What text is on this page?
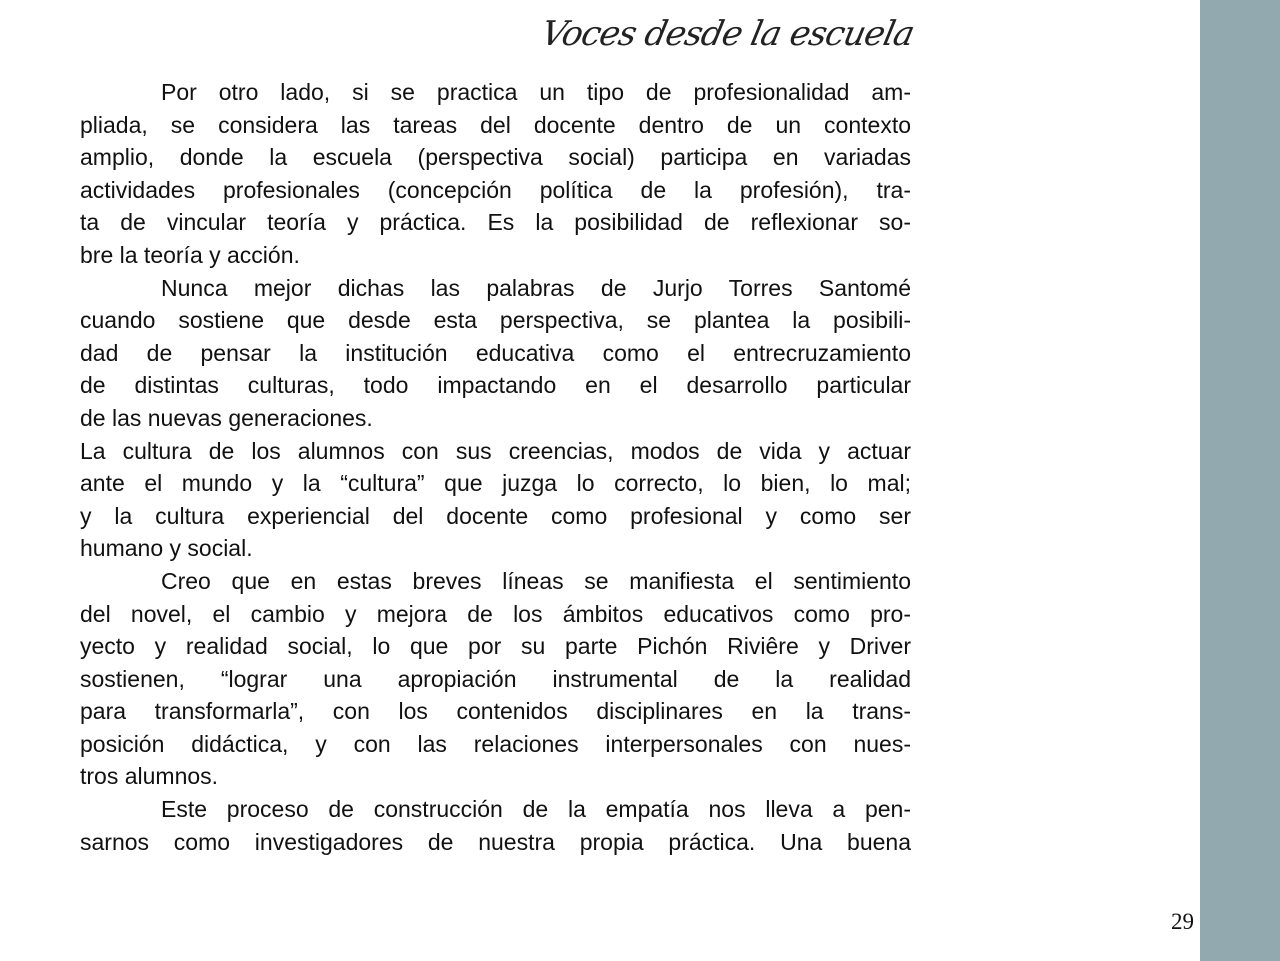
Voces desde la escuela
Por otro lado, si se practica un tipo de profesionalidad am-
pliada, se considera las tareas del docente dentro de un contexto
amplio, donde la escuela (perspectiva social) participa en variadas
actividades profesionales (concepción política de la profesión), tra-
ta de vincular teoría y práctica. Es la posibilidad de reflexionar so-
bre la teoría y acción.
Nunca mejor dichas las palabras de Jurjo Torres Santomé
cuando sostiene que desde esta perspectiva, se plantea la posibili-
dad de pensar la institución educativa como el entrecruzamiento
de distintas culturas, todo impactando en el desarrollo particular
de las nuevas generaciones.
La cultura de los alumnos con sus creencias, modos de vida y actuar
ante el mundo y la “cultura” que juzga lo correcto, lo bien, lo mal;
y la cultura experiencial del docente como profesional y como ser
humano y social.
Creo que en estas breves líneas se manifiesta el sentimiento
del novel, el cambio y mejora de los ámbitos educativos como pro-
yecto y realidad social, lo que por su parte Pichón Riviêre y Driver
sostienen, “lograr una apropiación instrumental de la realidad
para transformarla”, con los contenidos disciplinares en la trans-
posición didáctica, y con las relaciones interpersonales con nues-
tros alumnos.
Este proceso de construcción de la empatía nos lleva a pen-
sarnos como investigadores de nuestra propia práctica. Una buena
29
